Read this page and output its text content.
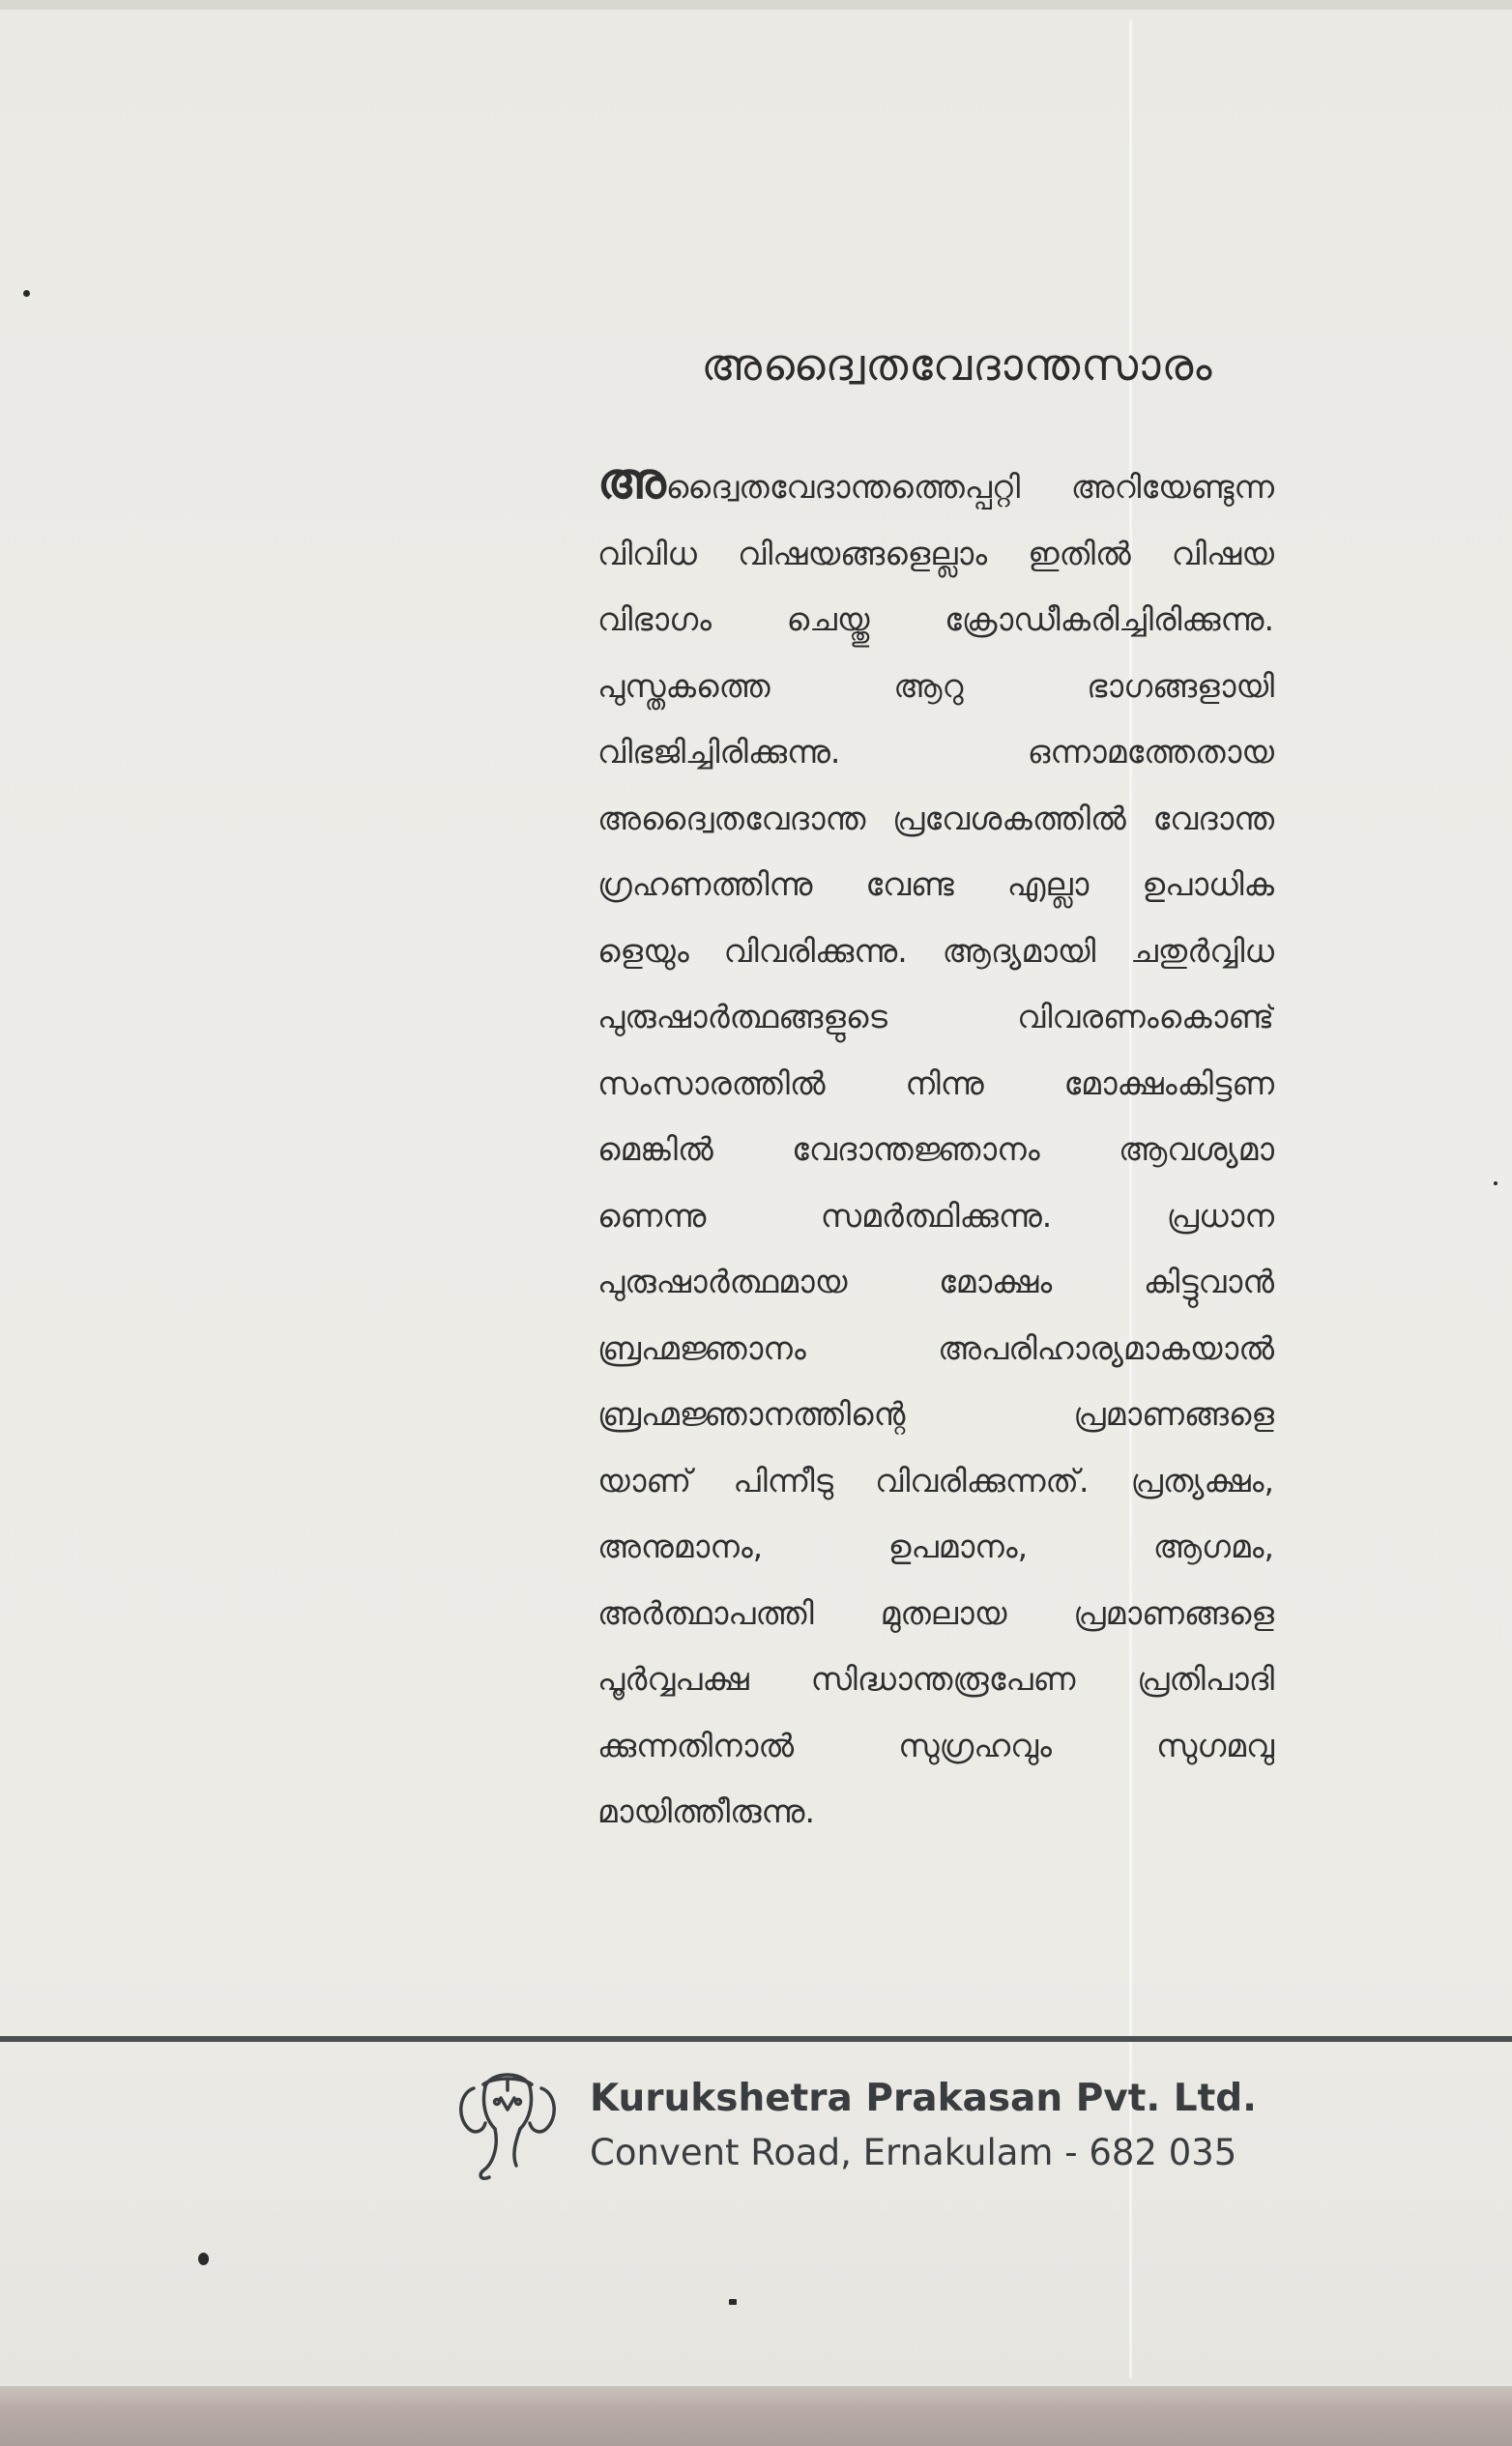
അദ്വൈതവേദാന്തസാരം
അദ്വൈതവേദാന്തത്തെപ്പറ്റി അറിയേണ്ടുന്ന
വിവിധ വിഷയങ്ങളെല്ലാം ഇതിൽ വിഷയ
വിഭാഗം ചെയ്തു ക്രോഡീകരിച്ചിരിക്കുന്നു.
പുസ്തകത്തെ ആറു ഭാഗങ്ങളായി
വിഭജിച്ചിരിക്കുന്നു. ഒന്നാമത്തേതായ
അദ്വൈതവേദാന്ത പ്രവേശകത്തിൽ വേദാന്ത
ഗ്രഹണത്തിന്നു വേണ്ട എല്ലാ ഉപാധിക
ളെയും വിവരിക്കുന്നു. ആദ്യമായി ചതുർവ്വിധ
പുരുഷാർത്ഥങ്ങളുടെ വിവരണംകൊണ്ട്
സംസാരത്തിൽ നിന്നു മോക്ഷംകിട്ടണ
മെങ്കിൽ വേദാന്തജ്ഞാനം ആവശ്യമാ
ണെന്നു സമർത്ഥിക്കുന്നു. പ്രധാന
പുരുഷാർത്ഥമായ മോക്ഷം കിട്ടുവാൻ
ബ്രഹ്മജ്ഞാനം അപരിഹാര്യമാകയാൽ
ബ്രഹ്മജ്ഞാനത്തിന്റെ പ്രമാണങ്ങളെ
യാണ് പിന്നീടു വിവരിക്കുന്നത്. പ്രത്യക്ഷം,
അനുമാനം, ഉപമാനം, ആഗമം,
അർത്ഥാപത്തി മുതലായ പ്രമാണങ്ങളെ
പൂർവ്വപക്ഷ സിദ്ധാന്തരൂപേണ പ്രതിപാദി
ക്കുന്നതിനാൽ സുഗ്രഹവും സുഗമവു
മായിത്തീരുന്നു.
Kurukshetra Prakasan Pvt. Ltd.
Convent Road, Ernakulam - 682 035
